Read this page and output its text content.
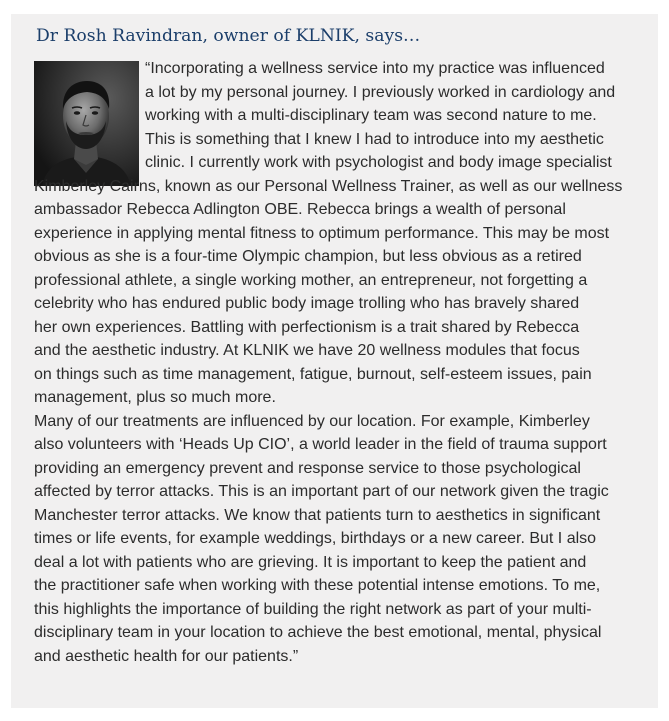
Dr Rosh Ravindran, owner of KLNIK, says…

“Incorporating a wellness service into my practice was influenced

a lot by my personal journey. I previously worked in cardiology and

working with a multi-disciplinary team was second nature to me.

This is something that I knew I had to introduce into my aesthetic

clinic. I currently work with psychologist and body image specialist

Kimberley Cairns, known as our Personal Wellness Trainer, as well as our wellness

ambassador Rebecca Adlington OBE. Rebecca brings a wealth of personal

experience in applying mental fitness to optimum performance. This may be most

obvious as she is a four-time Olympic champion, but less obvious as a retired

professional athlete, a single working mother, an entrepreneur, not forgetting a

celebrity who has endured public body image trolling who has bravely shared

her own experiences. Battling with perfectionism is a trait shared by Rebecca

and the aesthetic industry. At KLNIK we have 20 wellness modules that focus

on things such as time management, fatigue, burnout, self-esteem issues, pain

management, plus so much more.

Many of our treatments are influenced by our location. For example, Kimberley

also volunteers with ‘Heads Up CIO’, a world leader in the field of trauma support

providing an emergency prevent and response service to those psychological

affected by terror attacks. This is an important part of our network given the tragic

Manchester terror attacks. We know that patients turn to aesthetics in significant

times or life events, for example weddings, birthdays or a new career. But I also

deal a lot with patients who are grieving. It is important to keep the patient and

the practitioner safe when working with these potential intense emotions. To me,

this highlights the importance of building the right network as part of your multi-

disciplinary team in your location to achieve the best emotional, mental, physical

and aesthetic health for our patients.”
